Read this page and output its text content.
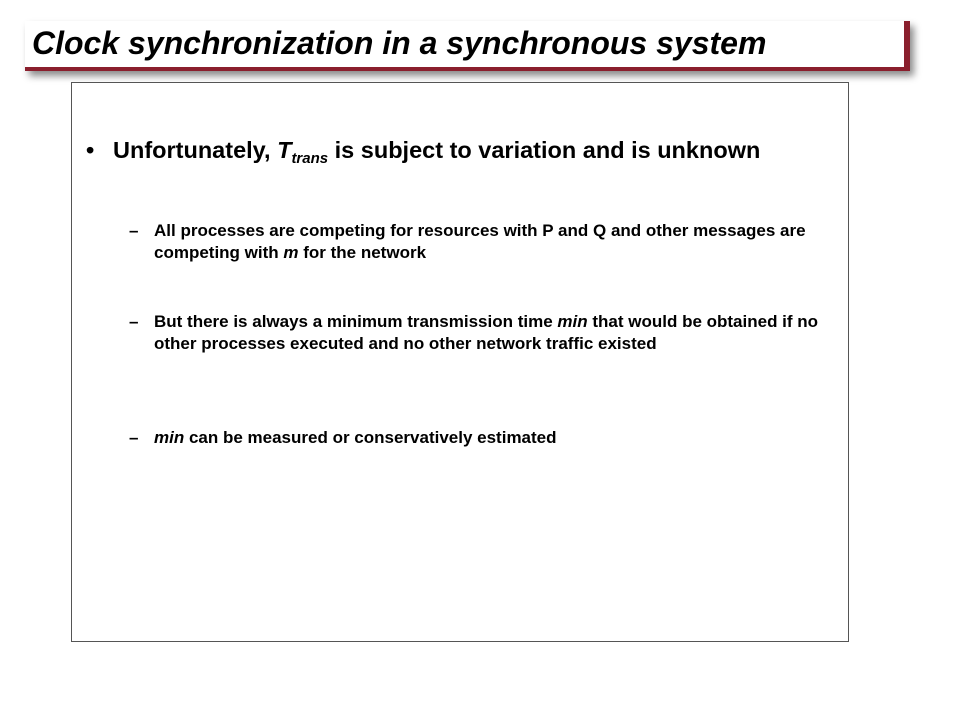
Clock synchronization in a synchronous system
• Unfortunately, $T_{trans}$ is subject to variation and is unknown
– All processes are competing for resources with P and Q and other messages are competing with m for the network
– But there is always a minimum transmission time min that would be obtained if no other processes executed and no other network traffic existed
– min can be measured or conservatively estimated
